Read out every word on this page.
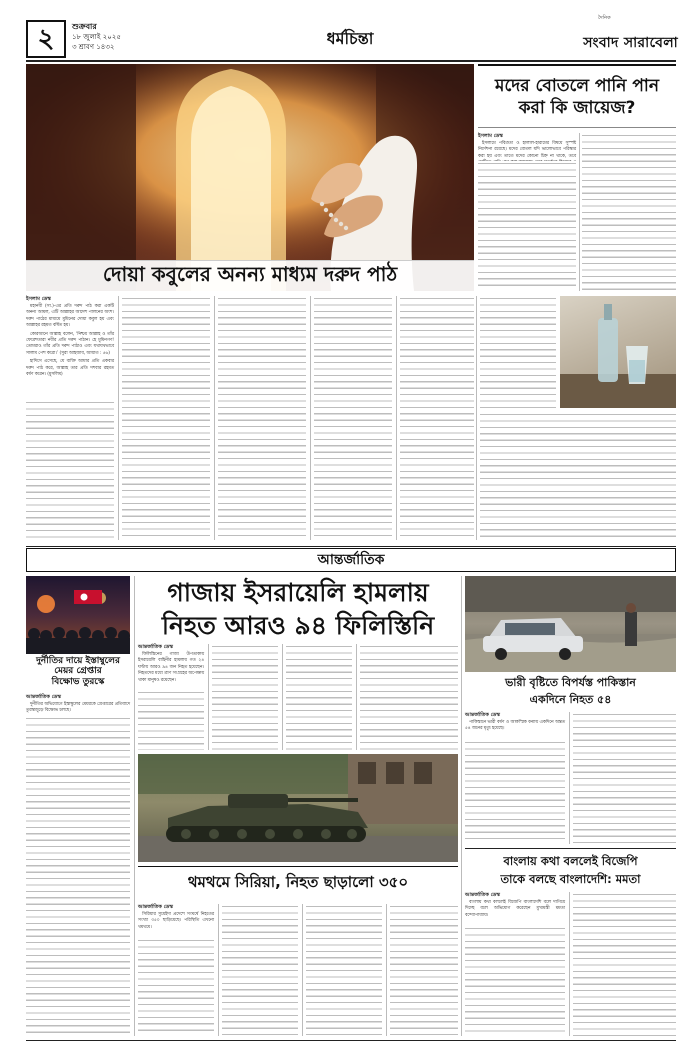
২ শুক্রবার
১৮ জুলাই ২০২৫
৩ শ্রাবণ ১৪৩২	ধর্মচিন্তা
দৈনিক
সংবাদ সারাবেলা
দোয়া কবুলের অনন্য মাধ্যম দরুদ পাঠ
মদের বোতলে পানি পান করা কি জায়েজ?
ইসলাম ডেস্ক

ইসলামে পবিত্রতা ও হালাল-হারামের বিষয়ে সুস্পষ্ট নির্দেশনা রয়েছে। মদের বোতল যদি ভালোভাবে পরিষ্কার করা হয় এবং তাতে মদের কোনো চিহ্ন না থাকে, তবে

ইসলাম ডেস্ক

মহানবী (সা.)-এর প্রতি দরুদ পাঠ করা একটি অনন্য আমল, এটি আল্লাহর আদেশ পালনের অংশ। দরুদ পাঠের মাধ্যমে মুমিনের দোয়া কবুল হয় এবং আল্লাহর রহমত বর্ষিত হয়।

কোরআনে আল্লাহ বলেন, ‘নিশ্চয় আল্লাহ ও তাঁর ফেরেশতারা নবীর প্রতি দরুদ পাঠান। হে মুমিনগণ! তোমরাও তাঁর প্রতি দরুদ পাঠাও এবং যথাযথভাবে সালাম পেশ করো।’ (সুরা আহজাব, আয়াত : ৫৬)

হাদিসে এসেছে, যে ব্যক্তি আমার প্রতি একবার দরুদ পাঠ করে, আল্লাহ তার প্রতি দশবার রহমত বর্ষণ করেন। (মুসলিম)

আন্তর্জাতিক
দুর্নীতির দায়ে ইস্তাম্বুলের
মেয়র গ্রেপ্তার
বিক্ষোভ তুরস্কে
আন্তর্জাতিক ডেস্ক

দুর্নীতির অভিযোগে ইস্তাম্বুলের মেয়রকে গ্রেপ্তারের প্রতিবাদে তুরস্কজুড়ে বিক্ষোভ চলছে।

গাজায় ইসরায়েলি হামলায়
নিহত আরও ৯৪ ফিলিস্তিনি
আন্তর্জাতিক ডেস্ক

ফিলিস্তিনের গাজা উপত্যকায় ইসরায়েলি বাহিনীর হামলায় গত ২৪ ঘণ্টায় আরও ৯৪ জন নিহত হয়েছেন। নিহতদের মধ্যে ত্রাণ সংগ্রহের অপেক্ষায় থাকা মানুষও রয়েছেন।

থমথমে সিরিয়া, নিহত ছাড়ালো ৩৫০
আন্তর্জাতিক ডেস্ক

সিরিয়ার সুয়েইদা প্রদেশে সংঘর্ষে নিহতের সংখ্যা ৩৫০ ছাড়িয়েছে। পরিস্থিতি এখনো থমথমে।

ভারী বৃষ্টিতে বিপর্যস্ত পাকিস্তান
একদিনে নিহত ৫৪
আন্তর্জাতিক ডেস্ক

পাকিস্তানে ভারী বর্ষণ ও আকস্মিক বন্যায় একদিনে অন্তত ৫৪ জনের মৃত্যু হয়েছে।

বাংলায় কথা বললেই বিজেপি
তাকে বলছে বাংলাদেশি: মমতা
আন্তর্জাতিক ডেস্ক

বাংলায় কথা বললেই বিজেপি বাংলাদেশি বলে দাগিয়ে দিচ্ছে বলে অভিযোগ করেছেন মুখ্যমন্ত্রী মমতা বন্দ্যোপাধ্যায়।
